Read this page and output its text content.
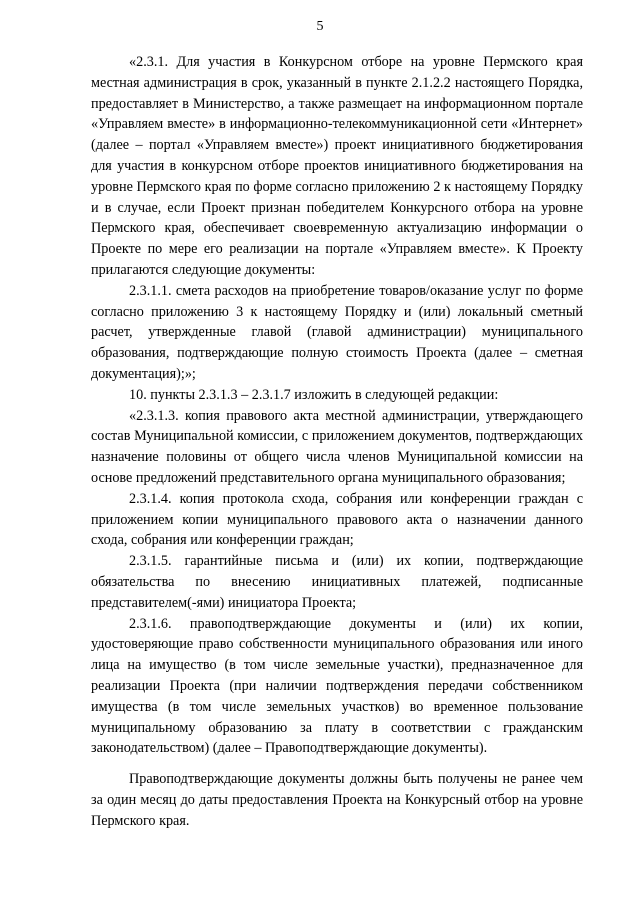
5

«2.3.1. Для участия в Конкурсном отборе на уровне Пермского края местная администрация в срок, указанный в пункте 2.1.2.2 настоящего Порядка, предоставляет в Министерство, а также размещает на информационном портале «Управляем вместе» в информационно-телекоммуникационной сети «Интернет» (далее – портал «Управляем вместе») проект инициативного бюджетирования для участия в конкурсном отборе проектов инициативного бюджетирования на уровне Пермского края по форме согласно приложению 2 к настоящему Порядку и в случае, если Проект признан победителем Конкурсного отбора на уровне Пермского края, обеспечивает своевременную актуализацию информации о Проекте по мере его реализации на портале «Управляем вместе». К Проекту прилагаются следующие документы:

2.3.1.1. смета расходов на приобретение товаров/оказание услуг по форме согласно приложению 3 к настоящему Порядку и (или) локальный сметный расчет, утвержденные главой (главой администрации) муниципального образования, подтверждающие полную стоимость Проекта (далее – сметная документация);»;

10. пункты 2.3.1.3 – 2.3.1.7 изложить в следующей редакции:

«2.3.1.3. копия правового акта местной администрации, утверждающего состав Муниципальной комиссии, с приложением документов, подтверждающих назначение половины от общего числа членов Муниципальной комиссии на основе предложений представительного органа муниципального образования;

2.3.1.4. копия протокола схода, собрания или конференции граждан с приложением копии муниципального правового акта о назначении данного схода, собрания или конференции граждан;

2.3.1.5. гарантийные письма и (или) их копии, подтверждающие обязательства по внесению инициативных платежей, подписанные представителем(-ями) инициатора Проекта;

2.3.1.6. правоподтверждающие документы и (или) их копии, удостоверяющие право собственности муниципального образования или иного лица на имущество (в том числе земельные участки), предназначенное для реализации Проекта (при наличии подтверждения передачи собственником имущества (в том числе земельных участков) во временное пользование муниципальному образованию за плату в соответствии с гражданским законодательством) (далее – Правоподтверждающие документы).

Правоподтверждающие документы должны быть получены не ранее чем за один месяц до даты предоставления Проекта на Конкурсный отбор на уровне Пермского края.
